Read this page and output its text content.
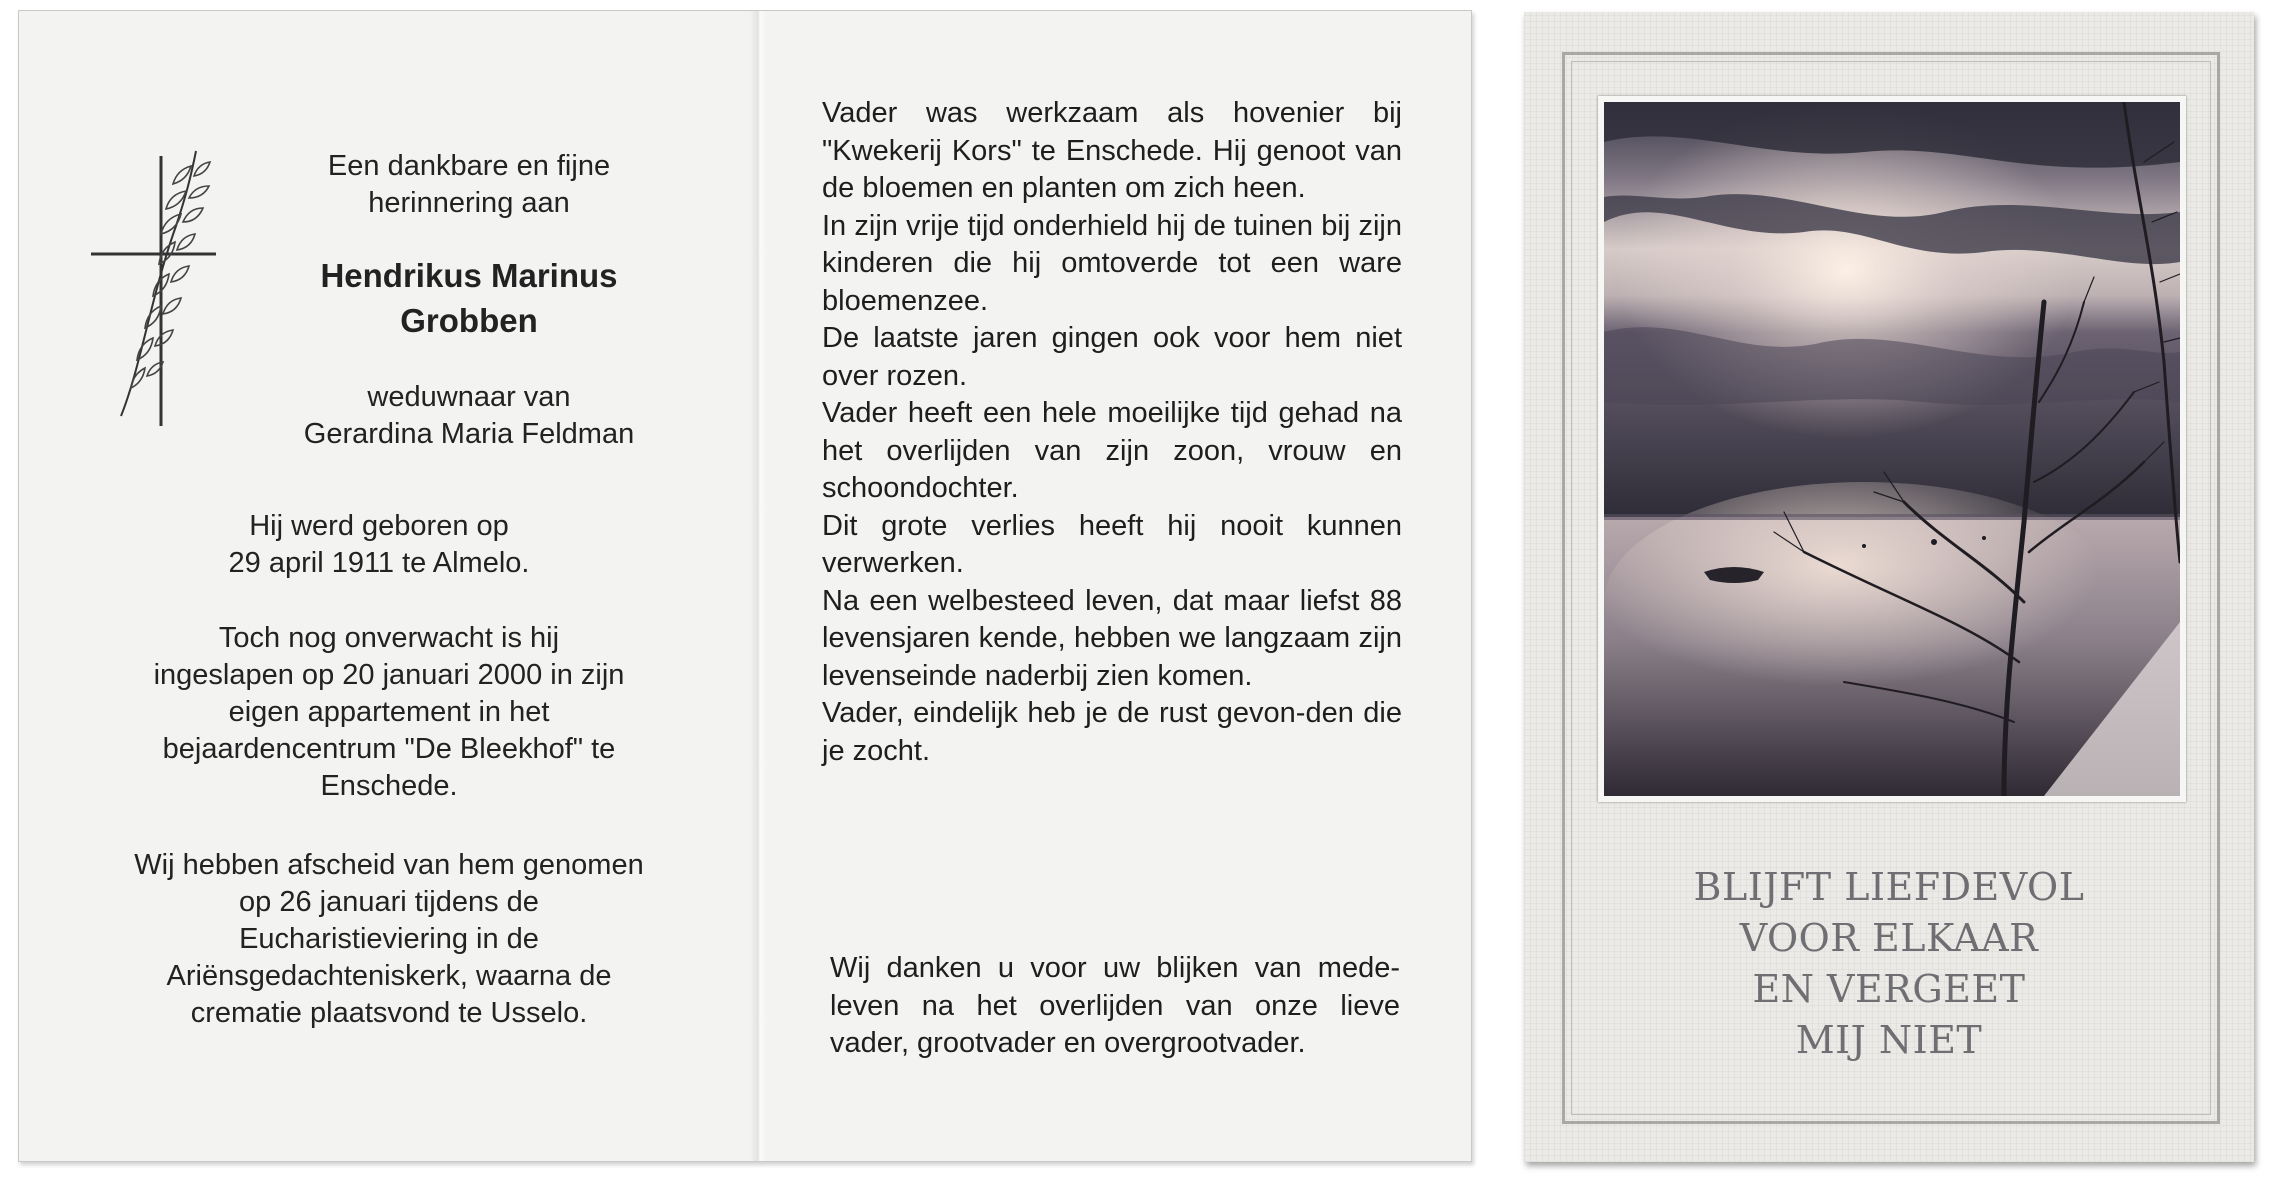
Een dankbare en fijne
herinnering aan
Hendrikus Marinus
Grobben
weduwnaar van
Gerardina Maria Feldman
Hij werd geboren op
29 april 1911 te Almelo.
Toch nog onverwacht is hij
ingeslapen op 20 januari 2000 in zijn
eigen appartement in het
bejaardencentrum "De Bleekhof" te
Enschede.
Wij hebben afscheid van hem genomen
op 26 januari tijdens de
Eucharistieviering in de
Ariënsgedachteniskerk, waarna de
crematie plaatsvond te Usselo.

Vader was werkzaam als hovenier bij "Kwekerij Kors" te Enschede. Hij genoot van de bloemen en planten om zich heen.

In zijn vrije tijd onderhield hij de tuinen bij zijn kinderen die hij omtoverde tot een ware bloemenzee.

De laatste jaren gingen ook voor hem niet over rozen.

Vader heeft een hele moeilijke tijd gehad na het overlijden van zijn zoon, vrouw en schoondochter.

Dit grote verlies heeft hij nooit kunnen verwerken.

Na een welbesteed leven, dat maar liefst 88 levensjaren kende, hebben we langzaam zijn levenseinde naderbij zien komen.

Vader, eindelijk heb je de rust gevon-den die je zocht.

Wij danken u voor uw blijken van mede-leven na het overlijden van onze lieve vader, grootvader en overgrootvader.
BLIJFT LIEFDEVOL
VOOR ELKAAR
EN VERGEET
MIJ NIET
